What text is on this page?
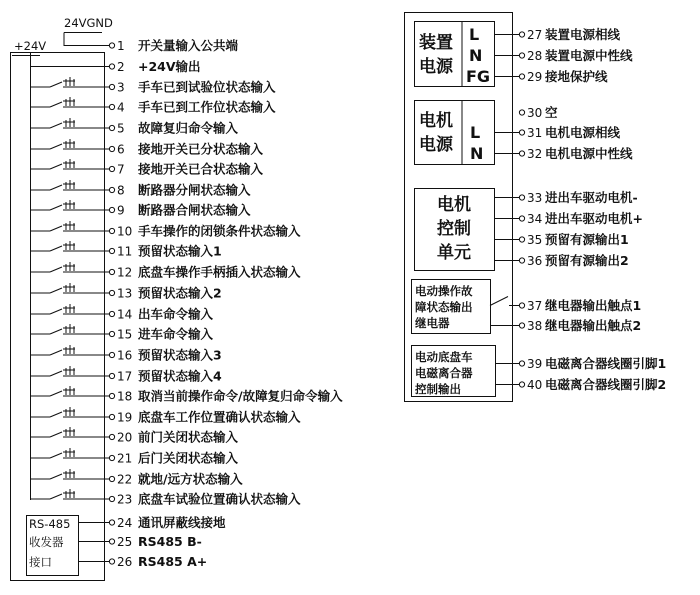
1 开关量输入公共端
2 +24V输出
3 手车已到试验位状态输入
4 手车已到工作位状态输入
5 故障复归命令输入
6 接地开关已分状态输入
7 接地开关已合状态输入
8 断路器分闸状态输入
9 断路器合闸状态输入
10 手车操作的闭锁条件状态输入
11 预留状态输入1
12 底盘车操作手柄插入状态输入
13 预留状态输入2
14 出车命令输入
15 进车命令输入
16 预留状态输入3
17 预留状态输入4
18 取消当前操作命令/故障复归命令输入
19 底盘车工作位置确认状态输入
20 前门关闭状态输入
21 后门关闭状态输入
22 就地/远方状态输入
23 底盘车试验位置确认状态输入
24 通讯屏蔽线接地
25 RS485 B-
26 RS485 A+
27 装置电源相线
28 装置电源中性线
29 接地保护线
30 空
31 电机电源相线
32 电机电源中性线
33 进出车驱动电机-
34 进出车驱动电机+
35 预留有源输出1
36 预留有源输出2
37 继电器输出触点1
38 继电器输出触点2
39 电磁离合器线圈引脚1
40 电磁离合器线圈引脚2
24VGND
+24V
RS-485
收发器
接口
装置
电源
L
N
FG
电机
电源
L
N
电机
控制
单元
电动操作故
障状态输出
继电器
电动底盘车
电磁离合器
控制输出
